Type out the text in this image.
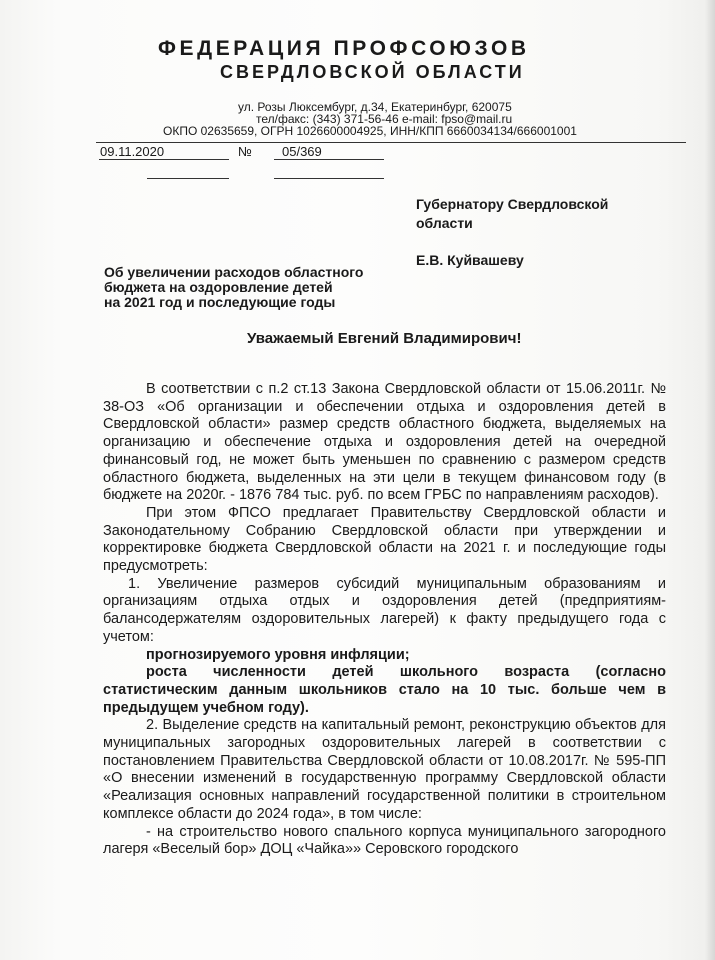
ФЕДЕРАЦИЯ ПРОФСОЮЗОВ
СВЕРДЛОВСКОЙ ОБЛАСТИ
ул. Розы Люксембург, д.34, Екатеринбург, 620075
тел/факс: (343) 371-56-46 e-mail: fpso@mail.ru
ОКПО 02635659, ОГРН 1026600004925, ИНН/КПП 6660034134/666001001
09.11.2020	№ 05/369
Губернатору Свердловской
области
Е.В. Куйвашеву
Об увеличении расходов областного
бюджета на оздоровление детей
на 2021 год и последующие годы
Уважаемый Евгений Владимирович!

В соответствии с п.2 ст.13 Закона Свердловской области от 15.06.2011г. № 38-ОЗ «Об организации и обеспечении отдыха и оздоровления детей в Свердловской области» размер средств областного бюджета, выделяемых на организацию и обеспечение отдыха и оздоровления детей на очередной финансовый год, не может быть уменьшен по сравнению с размером средств областного бюджета, выделенных на эти цели в текущем финансовом году (в бюджете на 2020г. - 1876 784 тыс. руб. по всем ГРБС по направлениям расходов).

При этом ФПСО предлагает Правительству Свердловской области и Законодательному Собранию Свердловской области при утверждении и корректировке бюджета Свердловской области на 2021 г. и последующие годы предусмотреть:

1. Увеличение размеров субсидий муниципальным образованиям и организациям отдыха отдых и оздоровления детей (предприятиям-балансодержателям оздоровительных лагерей) к факту предыдущего года с учетом:

прогнозируемого уровня инфляции;

роста численности детей школьного возраста (согласно статистическим данным школьников стало на 10 тыс. больше чем в предыдущем учебном году).

2. Выделение средств на капитальный ремонт, реконструкцию объектов для муниципальных загородных оздоровительных лагерей в соответствии с постановлением Правительства Свердловской области от 10.08.2017г. № 595-ПП «О внесении изменений в государственную программу Свердловской области «Реализация основных направлений государственной политики в строительном комплексе области до 2024 года», в том числе:

- на строительство нового спального корпуса муниципального загородного лагеря «Веселый бор» ДОЦ «Чайка»» Серовского городского
